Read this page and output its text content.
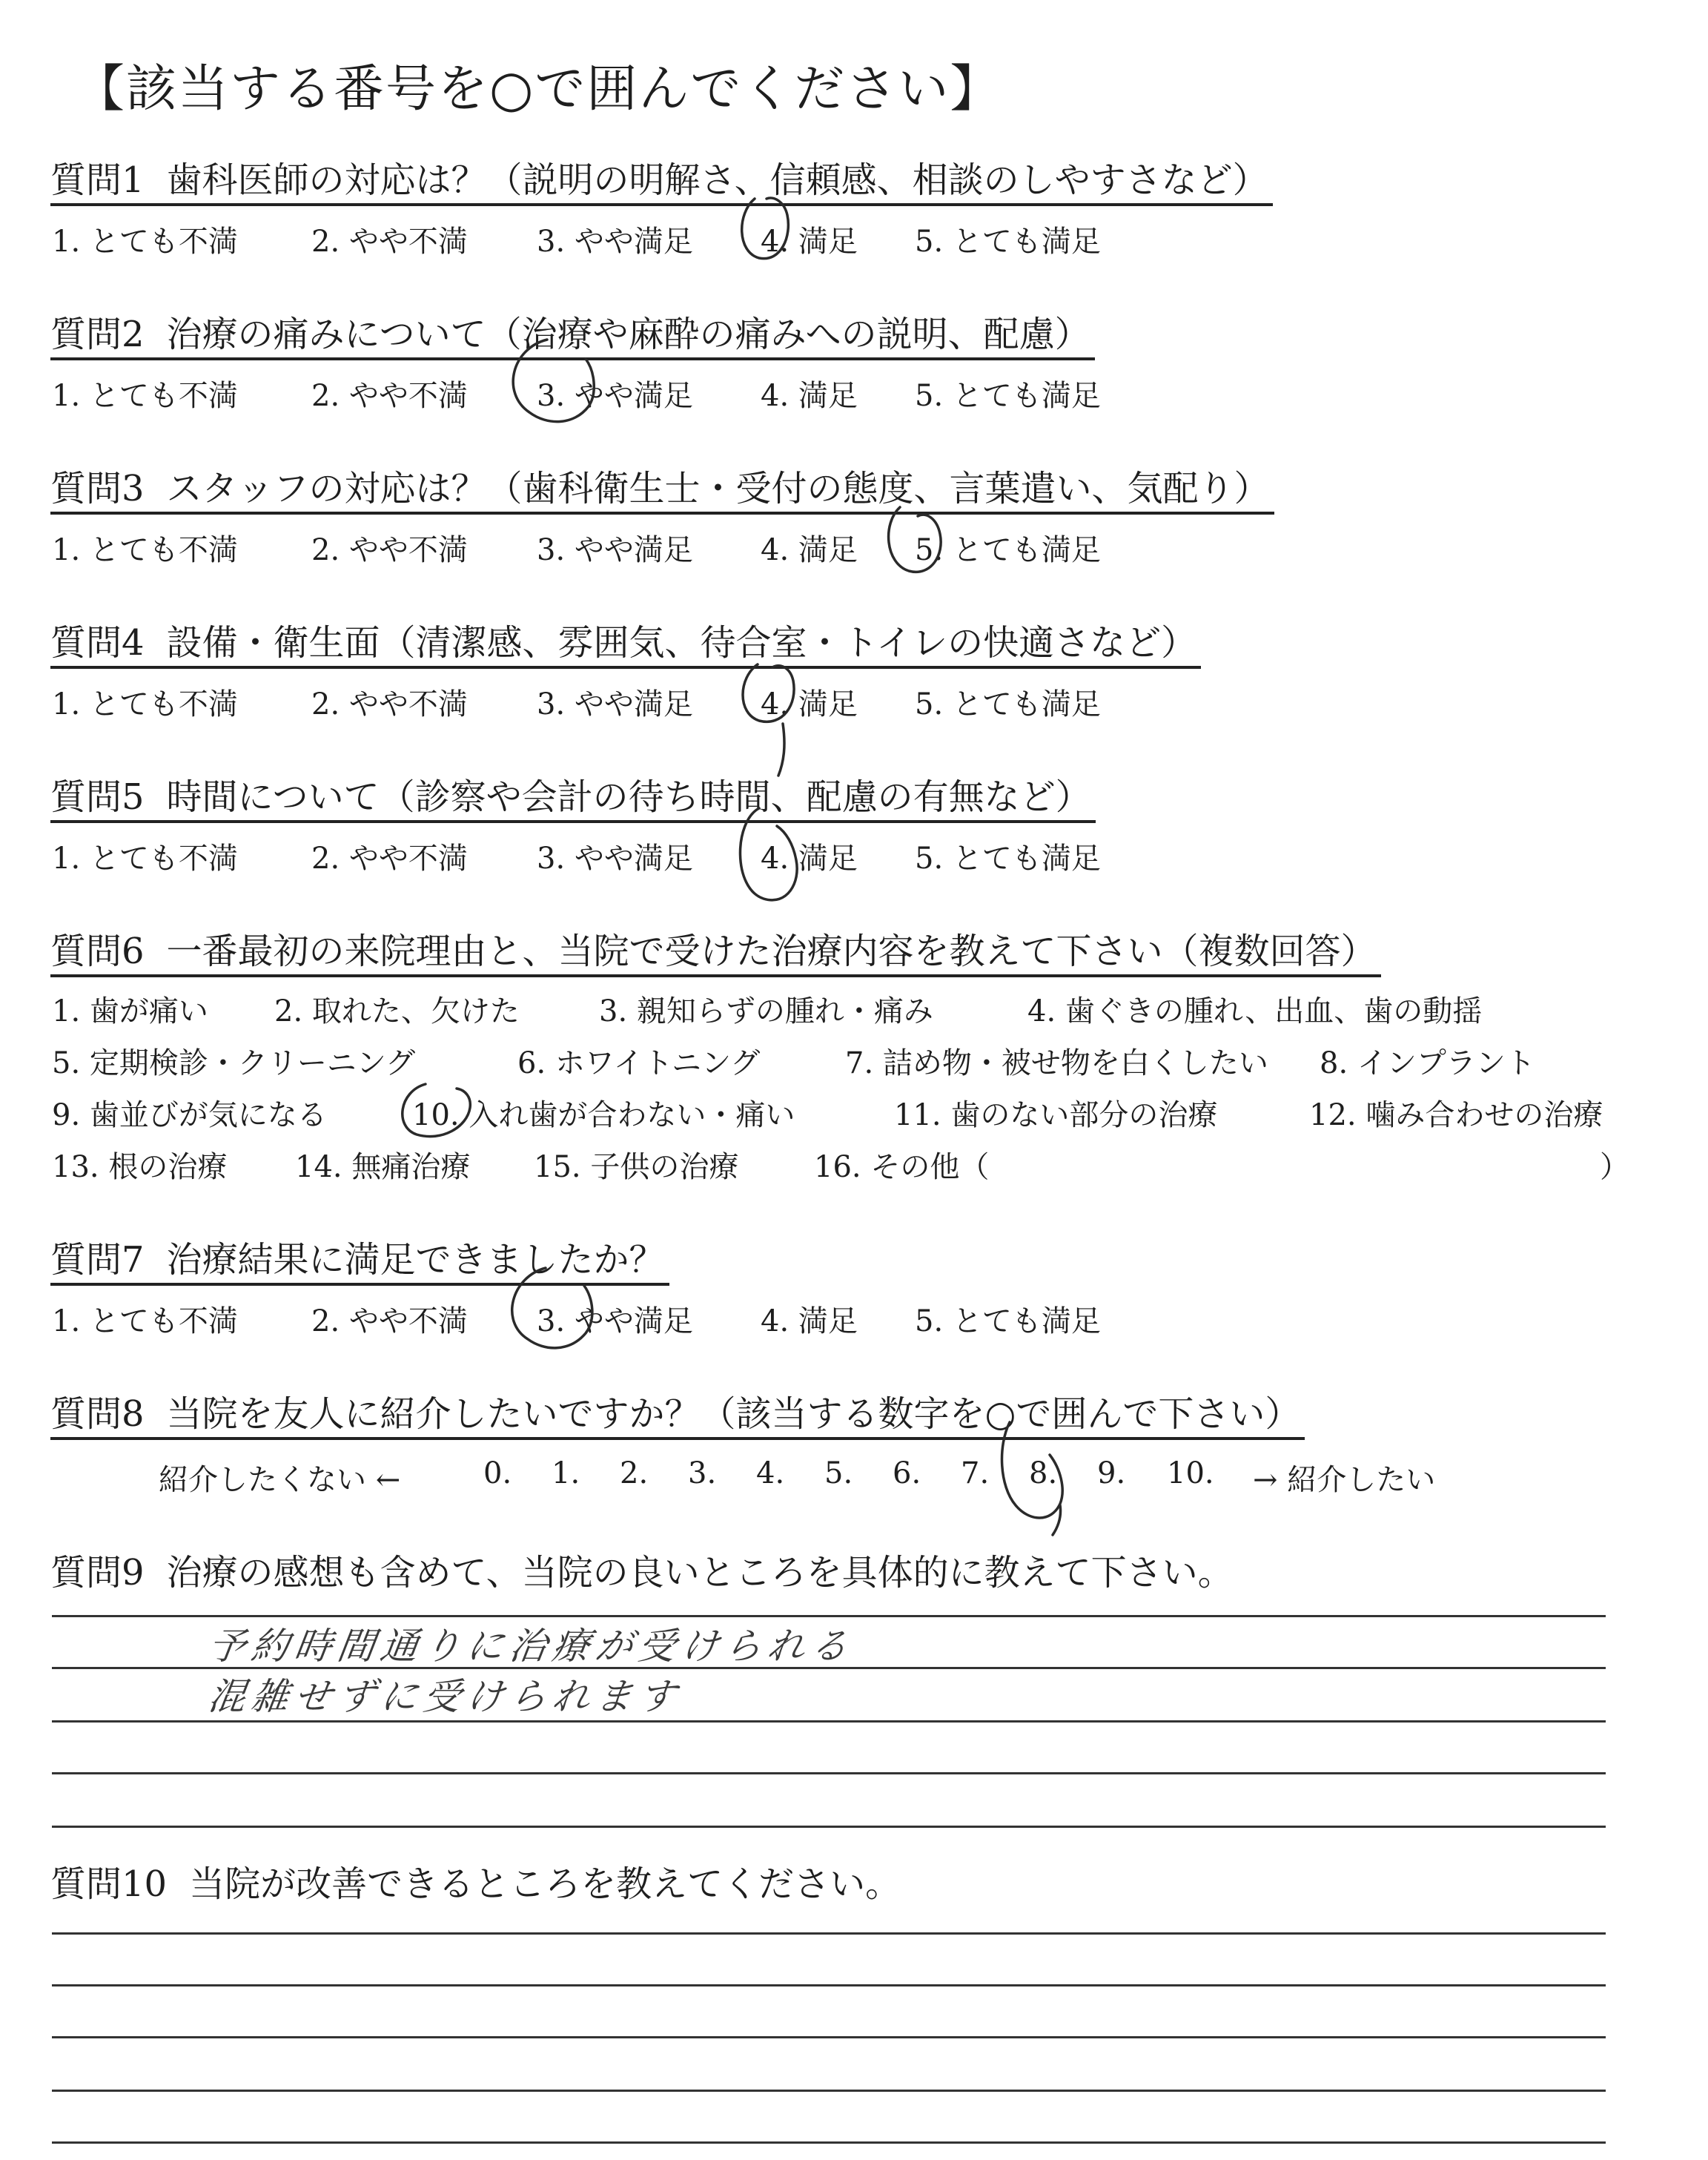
【該当する番号を○で囲んでください】
質問1 歯科医師の対応は？（説明の明解さ、信頼感、相談のしやすさなど）
1. とても不満 2. やや不満 3. やや満足 4. 満足 5. とても満足
質問2 治療の痛みについて（治療や麻酔の痛みへの説明、配慮）
1. とても不満 2. やや不満 3. やや満足 4. 満足 5. とても満足
質問3 スタッフの対応は？（歯科衛生士・受付の態度、言葉遣い、気配り）
1. とても不満 2. やや不満 3. やや満足 4. 満足 5. とても満足
質問4 設備・衛生面（清潔感、雰囲気、待合室・トイレの快適さなど）
1. とても不満 2. やや不満 3. やや満足 4. 満足 5. とても満足
質問5 時間について（診察や会計の待ち時間、配慮の有無など）
1. とても不満 2. やや不満 3. やや満足 4. 満足 5. とても満足
質問6 一番最初の来院理由と、当院で受けた治療内容を教えて下さい（複数回答）
1. 歯が痛い 2. 取れた、欠けた	3. 親知らずの腫れ・痛み	4. 歯ぐきの腫れ、出血、歯の動揺
5. 定期検診・クリーニング	6. ホワイトニング	7. 詰め物・被せ物を白くしたい 8. インプラント
9. 歯並びが気になる	10. 入れ歯が合わない・痛い	11. 歯のない部分の治療	12. 噛み合わせの治療
13. 根の治療 14. 無痛治療 15. 子供の治療	16. その他（	）
質問7 治療結果に満足できましたか？
1. とても不満 2. やや不満 3. やや満足 4. 満足 5. とても満足
質問8 当院を友人に紹介したいですか？（該当する数字を○で囲んで下さい）
紹介したくない ←	0. 1. 2. 3. 4. 5. 6. 7. 8. 9. 10. → 紹介したい
質問9 治療の感想も含めて、当院の良いところを具体的に教えて下さい。
予約時間通りに治療が受けられる
混雑せずに受けられます
質問10 当院が改善できるところを教えてください。
